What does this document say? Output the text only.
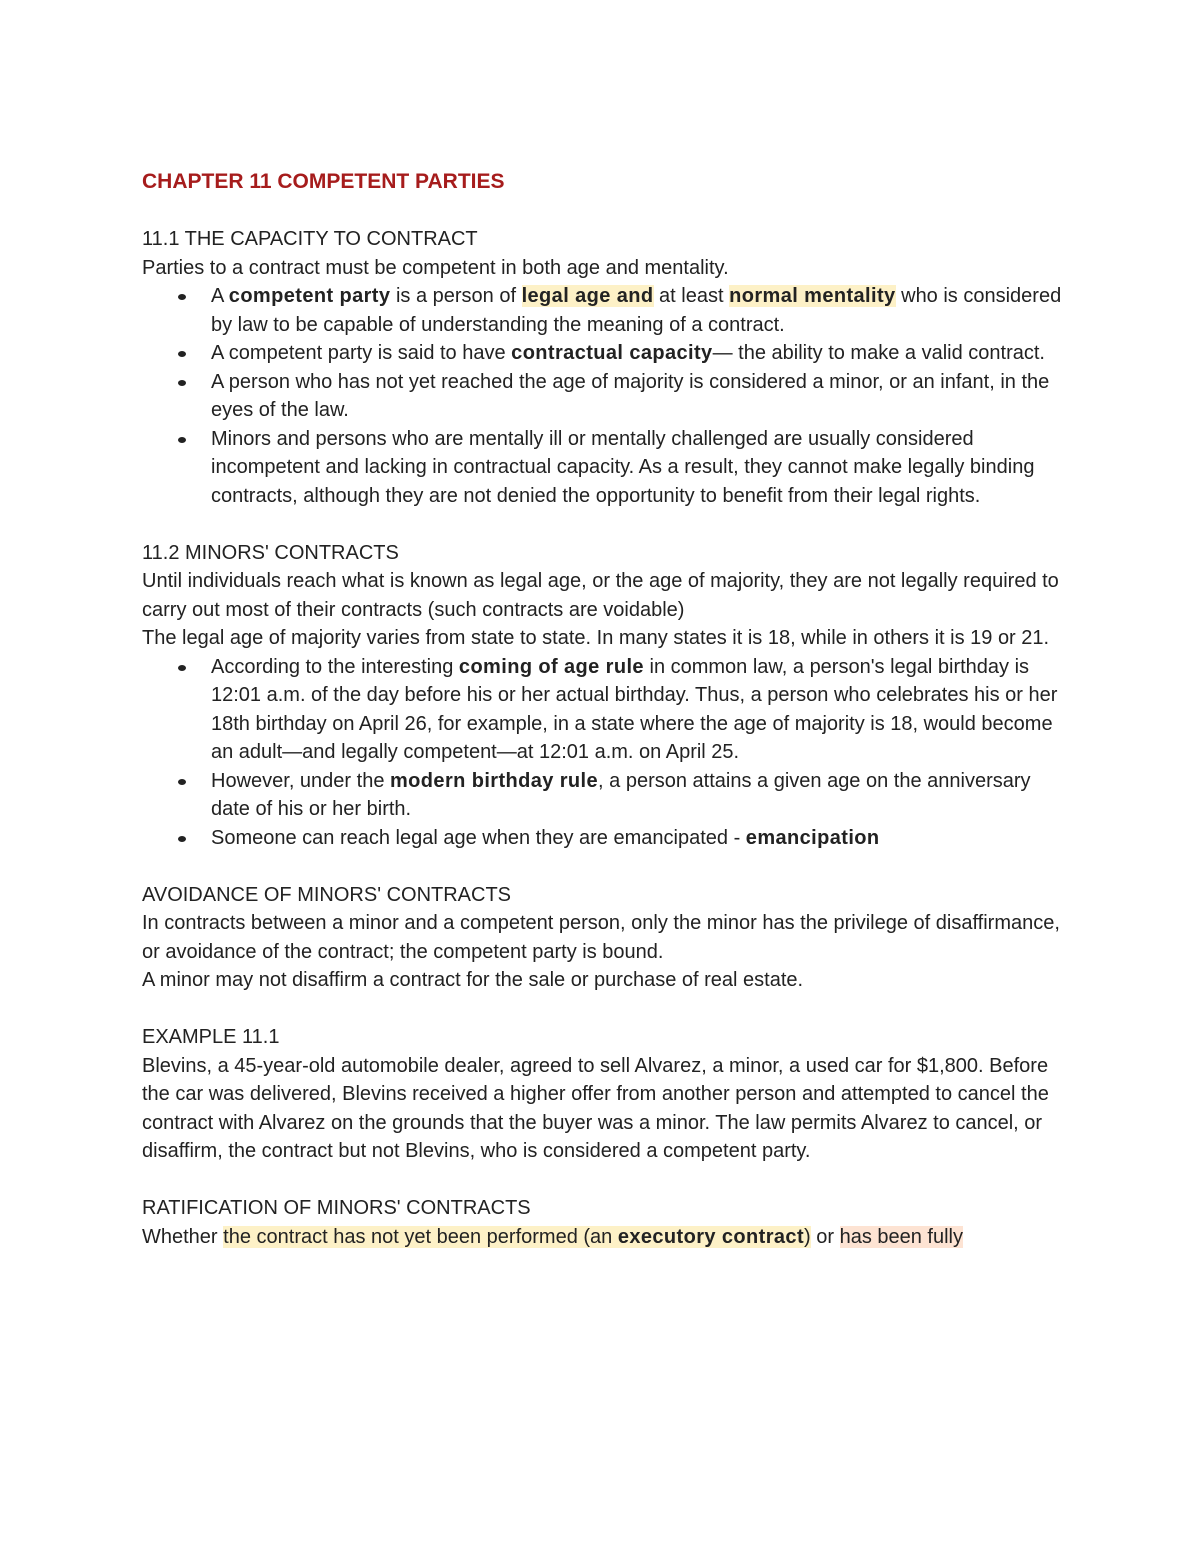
CHAPTER 11 COMPETENT PARTIES
11.1 THE CAPACITY TO CONTRACT

Parties to a contract must be competent in both age and mentality.

A competent party is a person of legal age and at least normal mentality who is considered by law to be capable of understanding the meaning of a contract.
A competent party is said to have contractual capacity— the ability to make a valid contract.
A person who has not yet reached the age of majority is considered a minor, or an infant, in the eyes of the law.
Minors and persons who are mentally ill or mentally challenged are usually considered incompetent and lacking in contractual capacity. As a result, they cannot make legally binding contracts, although they are not denied the opportunity to benefit from their legal rights.
11.2 MINORS' CONTRACTS

Until individuals reach what is known as legal age, or the age of majority, they are not legally required to carry out most of their contracts (such contracts are voidable)

The legal age of majority varies from state to state. In many states it is 18, while in others it is 19 or 21.

According to the interesting coming of age rule in common law, a person's legal birthday is 12:01 a.m. of the day before his or her actual birthday. Thus, a person who celebrates his or her 18th birthday on April 26, for example, in a state where the age of majority is 18, would become an adult—and legally competent—at 12:01 a.m. on April 25.
However, under the modern birthday rule, a person attains a given age on the anniversary date of his or her birth.
Someone can reach legal age when they are emancipated - emancipation
AVOIDANCE OF MINORS' CONTRACTS

In contracts between a minor and a competent person, only the minor has the privilege of disaffirmance, or avoidance of the contract; the competent party is bound.

A minor may not disaffirm a contract for the sale or purchase of real estate.

EXAMPLE 11.1

Blevins, a 45-year-old automobile dealer, agreed to sell Alvarez, a minor, a used car for $1,800. Before the car was delivered, Blevins received a higher offer from another person and attempted to cancel the contract with Alvarez on the grounds that the buyer was a minor. The law permits Alvarez to cancel, or disaffirm, the contract but not Blevins, who is considered a competent party.

RATIFICATION OF MINORS' CONTRACTS

Whether the contract has not yet been performed (an executory contract) or has been fully
